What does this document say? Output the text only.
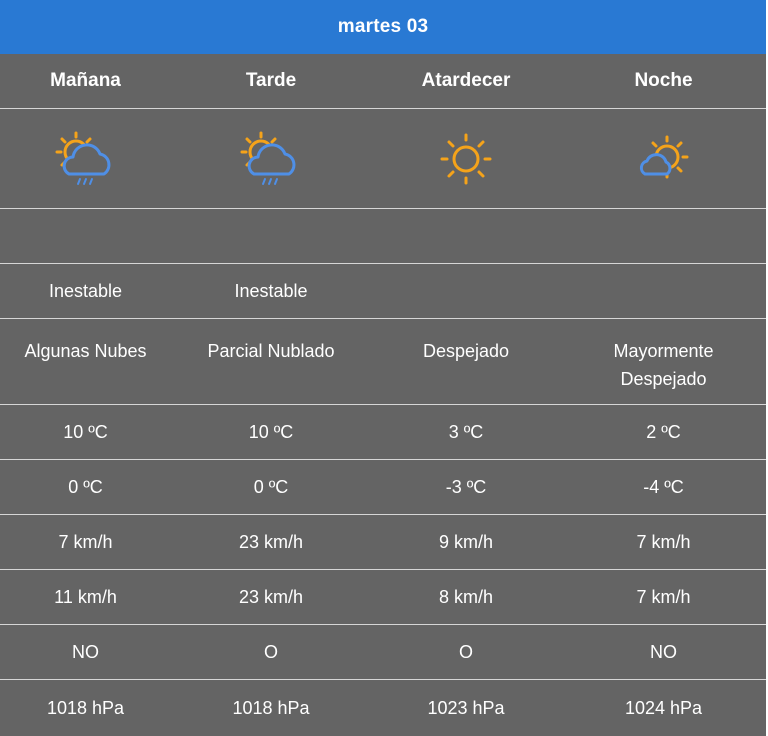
martes 03
Mañana	Tarde	Atardecer	Noche
Inestable	Inestable
Algunas Nubes	Parcial Nublado	Despejado	Mayormente Despejado
10 ºC	10 ºC	3 ºC	2 ºC
0 ºC	0 ºC	-3 ºC	-4 ºC
7 km/h	23 km/h	9 km/h	7 km/h
11 km/h	23 km/h	8 km/h	7 km/h
NO	O	O	NO
1018 hPa	1018 hPa	1023 hPa	1024 hPa
